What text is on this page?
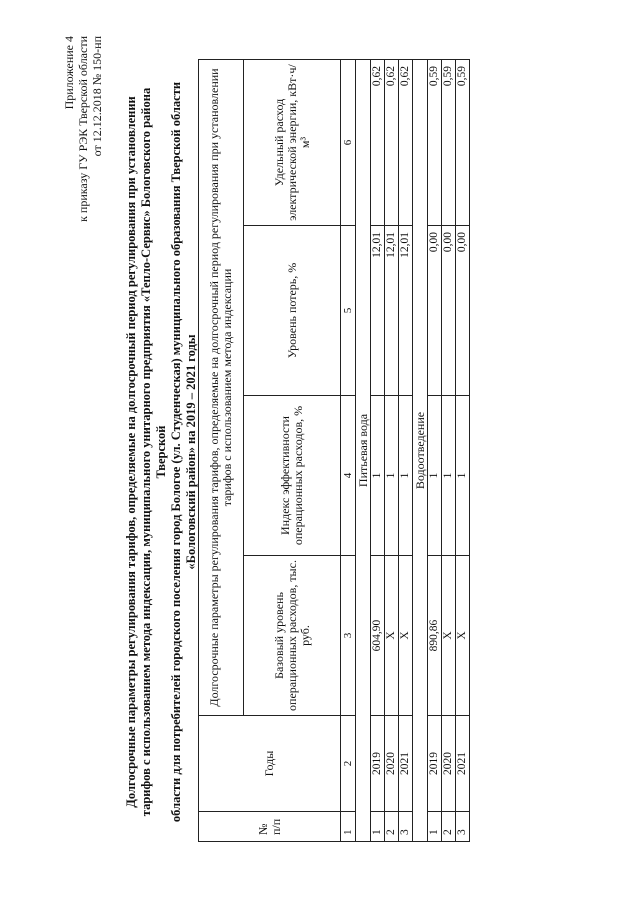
Приложение 4 к приказу ГУ РЭК Тверской области от 12.12.2018 № 150-нп
Долгосрочные параметры регулирования тарифов, определяемые на долгосрочный период регулирования при установлении тарифов с использованием метода индексации, муниципального унитарного предприятия «Тепло-Сервис» Бологовского района Тверской области для потребителей городского поселения город Бологое (ул. Студенческая) муниципального образования Тверской области «Бологовский район» на 2019 – 2021 годы
№ п/п	Годы	Долгосрочные параметры регулирования тарифов, определяемые на долгосрочный период регулирования при установлении тарифов с использованием метода индексации			
		Базовый уровень операционных расходов, тыс. руб.	Индекс эффективности операционных расходов, %	Уровень потерь, %	Удельный расход электрической энергии, кВт·ч/м³
1	2	3	4	5	6
Питьевая вода					
1	2019	604,90	1	12,01	0,62
2	2020	Х	1	12,01	0,62
3	2021	Х	1	12,01	0,62
Водоотведение					
1	2019	890,86	1	0,00	0,59
2	2020	Х	1	0,00	0,59
3	2021	Х	1	0,00	0,59
